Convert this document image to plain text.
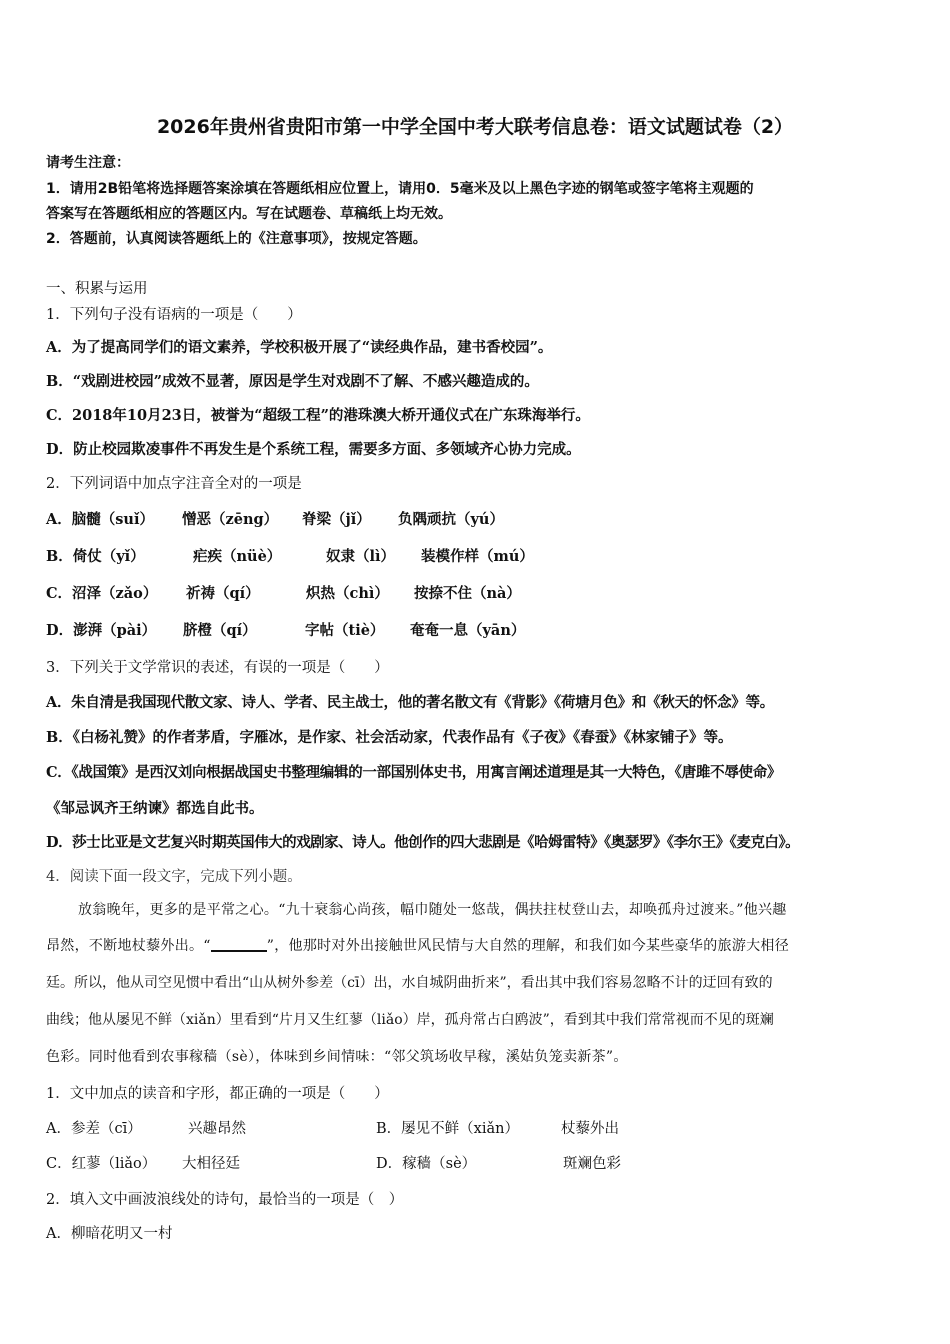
2026年贵州省贵阳市第一中学全国中考大联考信息卷：语文试题试卷（2）
请考生注意：
1．请用2B铅笔将选择题答案涂填在答题纸相应位置上，请用0．5毫米及以上黑色字迹的钢笔或签字笔将主观题的
答案写在答题纸相应的答题区内。写在试题卷、草稿纸上均无效。
2．答题前，认真阅读答题纸上的《注意事项》，按规定答题。
一、积累与运用
1．下列句子没有语病的一项是（　　）
A．为了提高同学们的语文素养，学校积极开展了“读经典作品，建书香校园”。
B．“戏剧进校园”成效不显著，原因是学生对戏剧不了解、不感兴趣造成的。
C．2018年10月23日，被誉为“超级工程”的港珠澳大桥开通仪式在广东珠海举行。
D．防止校园欺凌事件不再发生是个系统工程，需要多方面、多领域齐心协力完成。
2．下列词语中加点字注音全对的一项是
A．脑髓（suǐ） 憎恶（zēng） 脊梁（jǐ） 负隅顽抗（yú）
B．倚仗（yǐ）	疟疾（nüè）	奴隶（lì） 装模作样（mú）
C．沼泽（zǎo） 祈祷（qí）	炽热（chì） 按捺不住（nà）
D．澎湃（pài） 脐橙（qí）	字帖（tiè） 奄奄一息（yān）
3．下列关于文学常识的表述，有误的一项是（　　）
A．朱自清是我国现代散文家、诗人、学者、民主战士，他的著名散文有《背影》《荷塘月色》和《秋天的怀念》等。
B．《白杨礼赞》的作者茅盾，字雁冰，是作家、社会活动家，代表作品有《子夜》《春蚕》《林家铺子》等。
C．《战国策》是西汉刘向根据战国史书整理编辑的一部国别体史书，用寓言阐述道理是其一大特色，《唐雎不辱使命》
《邹忌讽齐王纳谏》都选自此书。
D．莎士比亚是文艺复兴时期英国伟大的戏剧家、诗人。他创作的四大悲剧是《哈姆雷特》《奥瑟罗》《李尔王》《麦克白》。
4．阅读下面一段文字，完成下列小题。
放翁晚年，更多的是平常之心。“九十衰翁心尚孩，幅巾随处一悠哉，偶扶拄杖登山去，却唤孤舟过渡来。”他兴趣
昂然，不断地杖藜外出。“	”，他那时对外出接触世风民情与大自然的理解，和我们如今某些豪华的旅游大相径
廷。所以，他从司空见惯中看出“山从树外参差（cī）出，水自城阴曲折来”，看出其中我们容易忽略不计的迂回有致的
曲线；他从屡见不鲜（xiǎn）里看到“片月又生红蓼（liǎo）岸，孤舟常占白鸥波”，看到其中我们常常视而不见的斑斓
色彩。同时他看到农事稼穑（sè），体味到乡间情味：“邻父筑场收早稼，溪姑负笼卖新茶”。
1．文中加点的读音和字形，都正确的一项是（　　）
A．参差（cī）	兴趣昂然	B．屡见不鲜（xiǎn）	杖藜外出
C．红蓼（liǎo） 大相径廷	D．稼穑（sè）	斑斓色彩
2．填入文中画波浪线处的诗句，最恰当的一项是（　）
A．柳暗花明又一村
